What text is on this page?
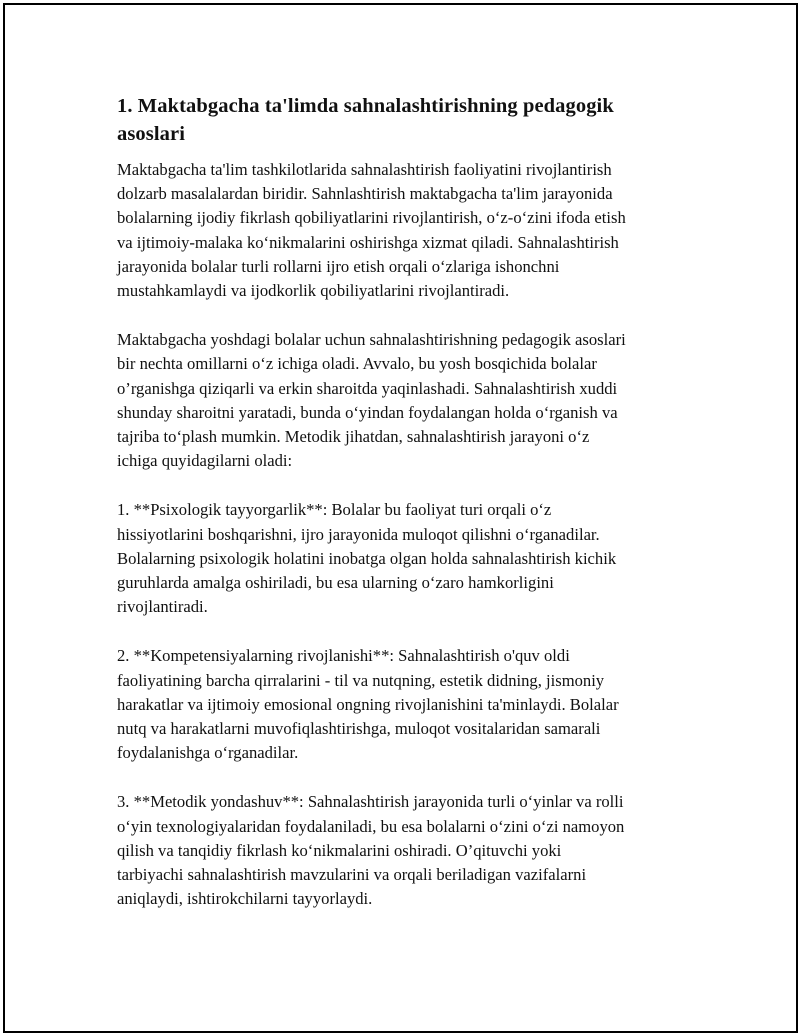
1. Maktabgacha ta'limda sahnalashtirishning pedagogik asoslari

Maktabgacha ta'lim tashkilotlarida sahnalashtirish faoliyatini rivojlantirish
dolzarb masalalardan biridir. Sahnlashtirish maktabgacha ta'lim jarayonida
bolalarning ijodiy fikrlash qobiliyatlarini rivojlantirish, o‘z-o‘zini ifoda etish
va ijtimoiy-malaka ko‘nikmalarini oshirishga xizmat qiladi. Sahnalashtirish
jarayonida bolalar turli rollarni ijro etish orqali o‘zlariga ishonchni
mustahkamlaydi va ijodkorlik qobiliyatlarini rivojlantiradi.

Maktabgacha yoshdagi bolalar uchun sahnalashtirishning pedagogik asoslari
bir nechta omillarni o‘z ichiga oladi. Avvalo, bu yosh bosqichida bolalar
o’rganishga qiziqarli va erkin sharoitda yaqinlashadi. Sahnalashtirish xuddi
shunday sharoitni yaratadi, bunda o‘yindan foydalangan holda o‘rganish va
tajriba to‘plash mumkin. Metodik jihatdan, sahnalashtirish jarayoni o‘z
ichiga quyidagilarni oladi:

1. **Psixologik tayyorgarlik**: Bolalar bu faoliyat turi orqali o‘z
hissiyotlarini boshqarishni, ijro jarayonida muloqot qilishni o‘rganadilar.
Bolalarning psixologik holatini inobatga olgan holda sahnalashtirish kichik
guruhlarda amalga oshiriladi, bu esa ularning o‘zaro hamkorligini
rivojlantiradi.

2. **Kompetensiyalarning rivojlanishi**: Sahnalashtirish o'quv oldi
faoliyatining barcha qirralarini - til va nutqning, estetik didning, jismoniy
harakatlar va ijtimoiy emosional ongning rivojlanishini ta'minlaydi. Bolalar
nutq va harakatlarni muvofiqlashtirishga, muloqot vositalaridan samarali
foydalanishga o‘rganadilar.

3. **Metodik yondashuv**: Sahnalashtirish jarayonida turli o‘yinlar va rolli
o‘yin texnologiyalaridan foydalaniladi, bu esa bolalarni o‘zini o‘zi namoyon
qilish va tanqidiy fikrlash ko‘nikmalarini oshiradi. O’qituvchi yoki
tarbiyachi sahnalashtirish mavzularini va orqali beriladigan vazifalarni
aniqlaydi, ishtirokchilarni tayyorlaydi.
